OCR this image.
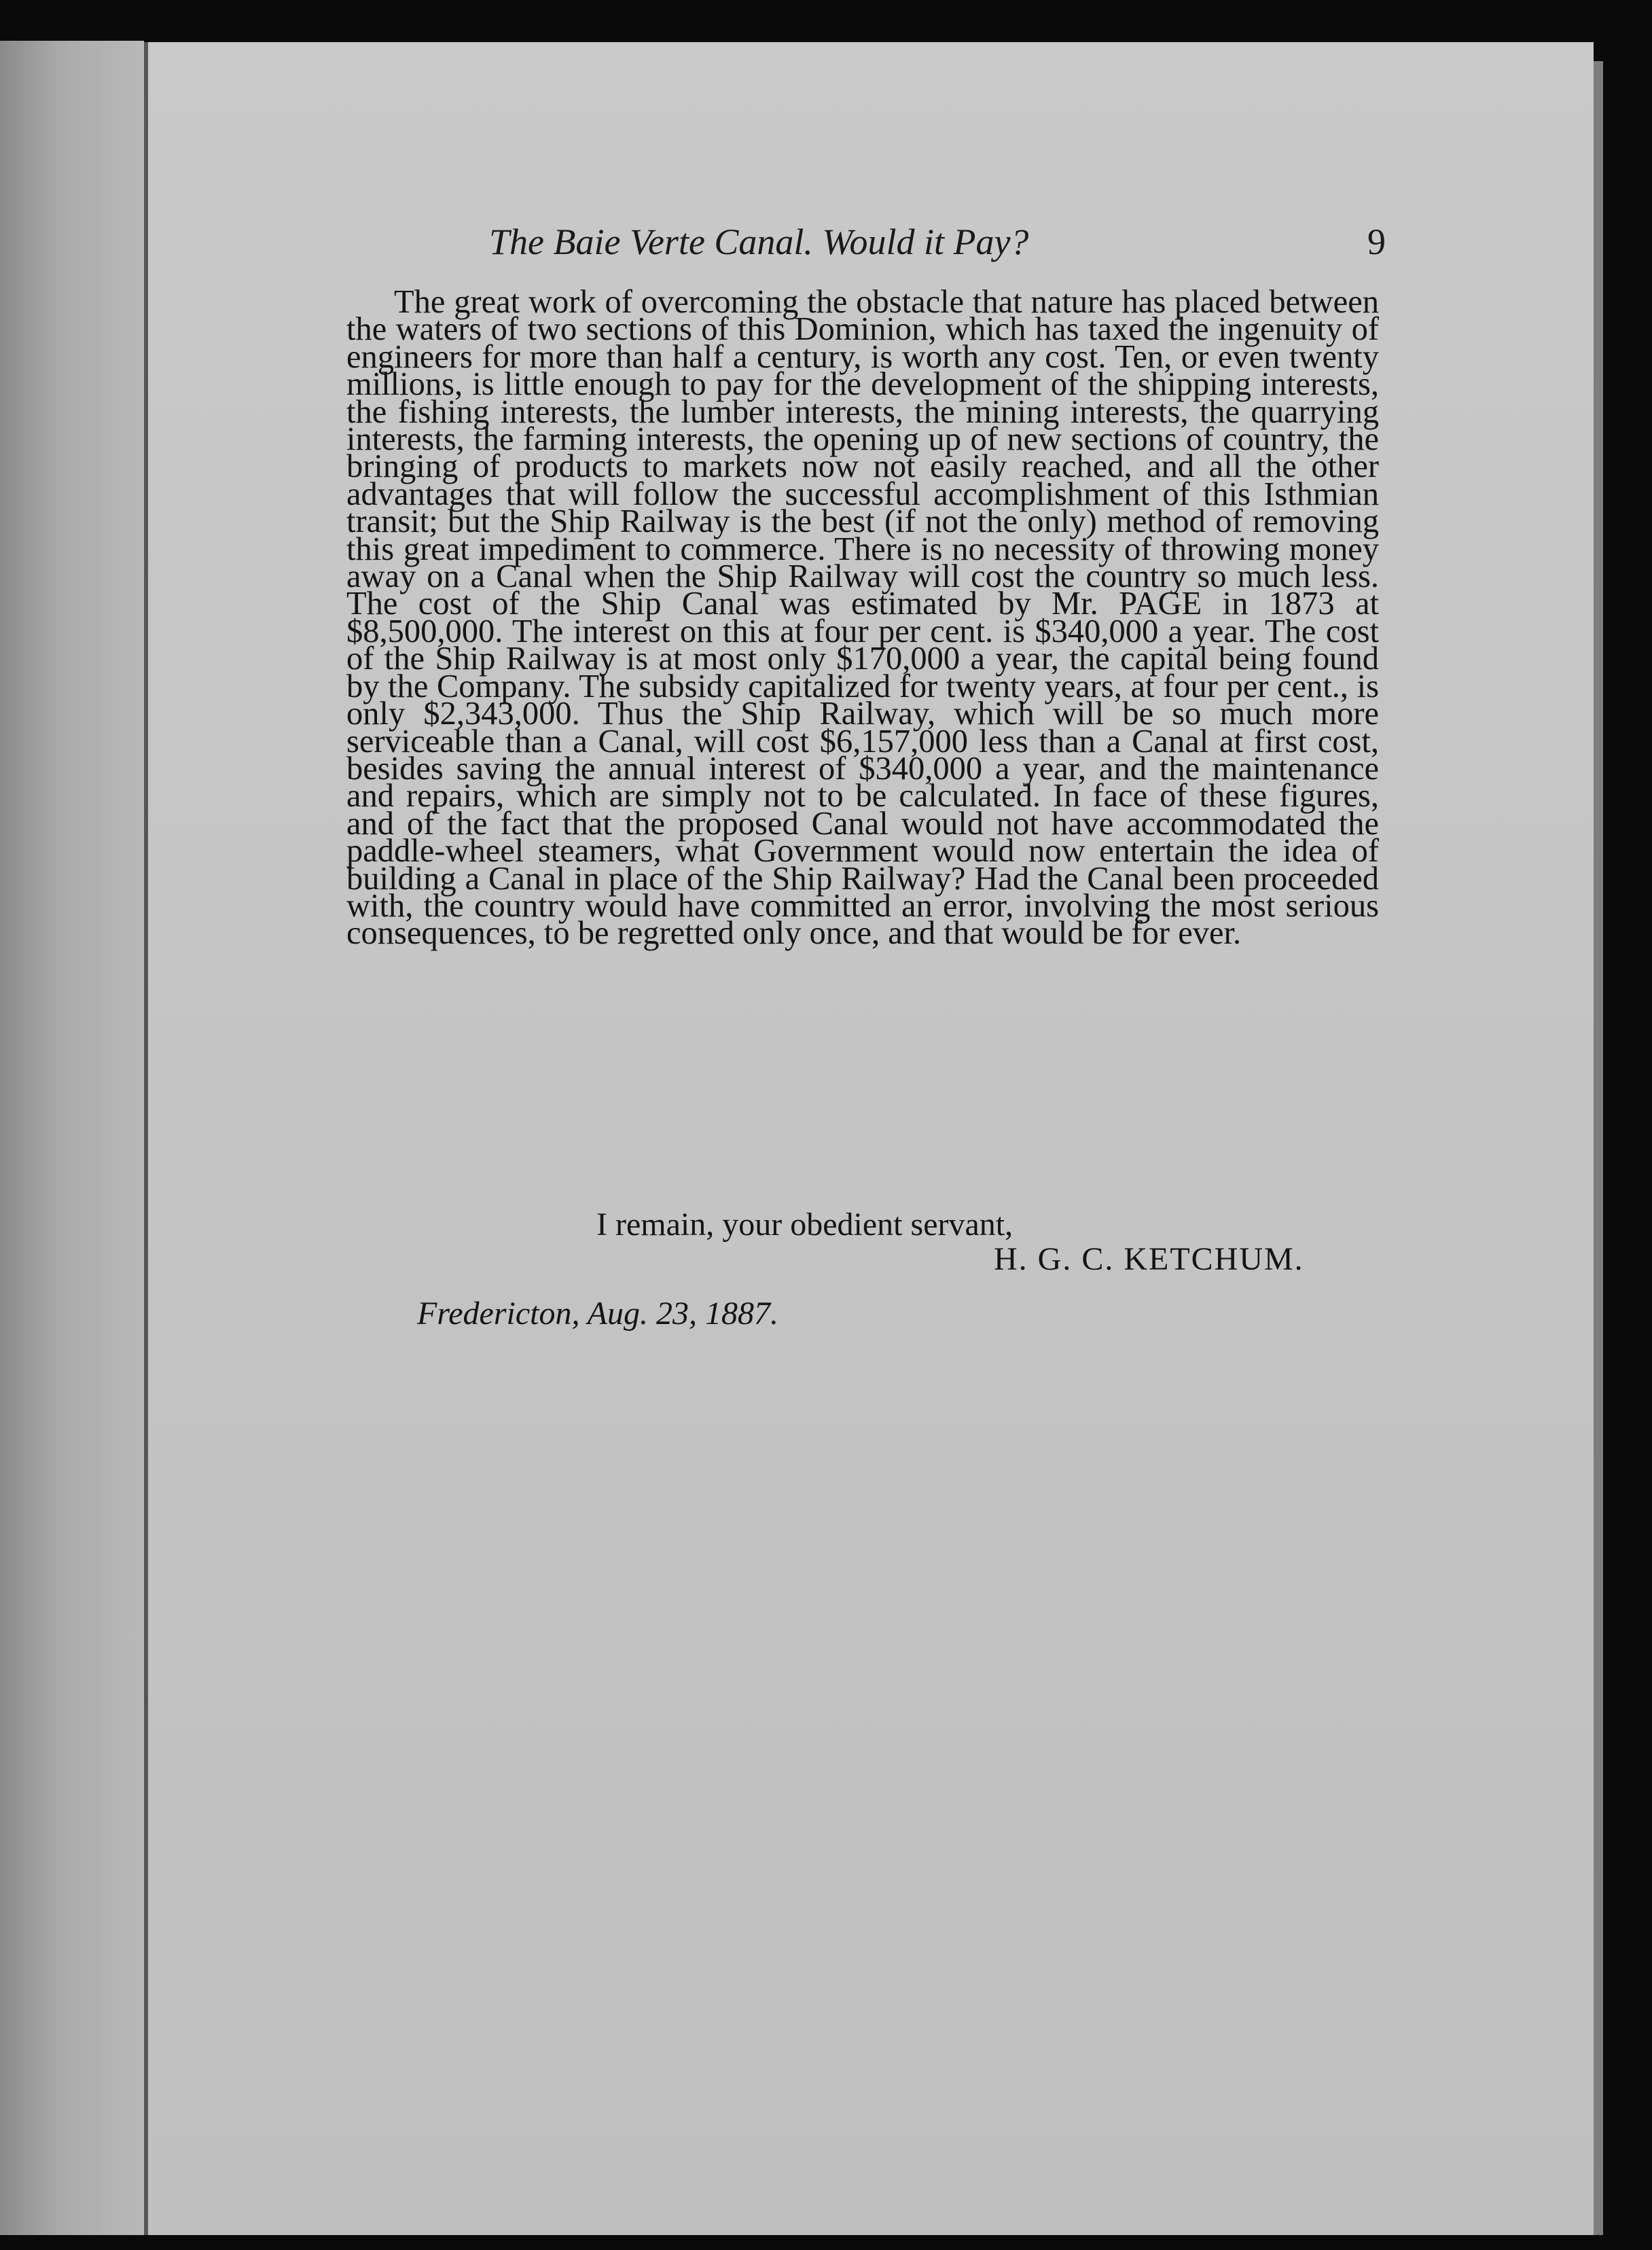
The Baie Verte Canal. Would it Pay?	9

The great work of overcoming the obstacle that nature has placed between the waters of two sections of this Dominion, which has taxed the ingenuity of engineers for more than half a century, is worth any cost. Ten, or even twenty millions, is little enough to pay for the development of the shipping interests, the fishing interests, the lumber interests, the mining interests, the quarrying interests, the farming interests, the opening up of new sections of country, the bringing of products to markets now not easily reached, and all the other advantages that will follow the successful accomplishment of this Isthmian transit; but the Ship Railway is the best (if not the only) method of removing this great impediment to commerce. There is no necessity of throwing money away on a Canal when the Ship Railway will cost the country so much less. The cost of the Ship Canal was estimated by Mr. PAGE in 1873 at $8,500,000. The interest on this at four per cent. is $340,000 a year. The cost of the Ship Railway is at most only $170,000 a year, the capital being found by the Company. The subsidy capitalized for twenty years, at four per cent., is only $2,343,000. Thus the Ship Railway, which will be so much more serviceable than a Canal, will cost $6,157,000 less than a Canal at first cost, besides saving the annual interest of $340,000 a year, and the maintenance and repairs, which are simply not to be calculated. In face of these figures, and of the fact that the proposed Canal would not have accommodated the paddle-wheel steamers, what Government would now entertain the idea of building a Canal in place of the Ship Railway? Had the Canal been proceeded with, the country would have committed an error, involving the most serious consequences, to be regretted only once, and that would be for ever.

I remain, your obedient servant,
H. G. C. KETCHUM.
Fredericton, Aug. 23, 1887.
